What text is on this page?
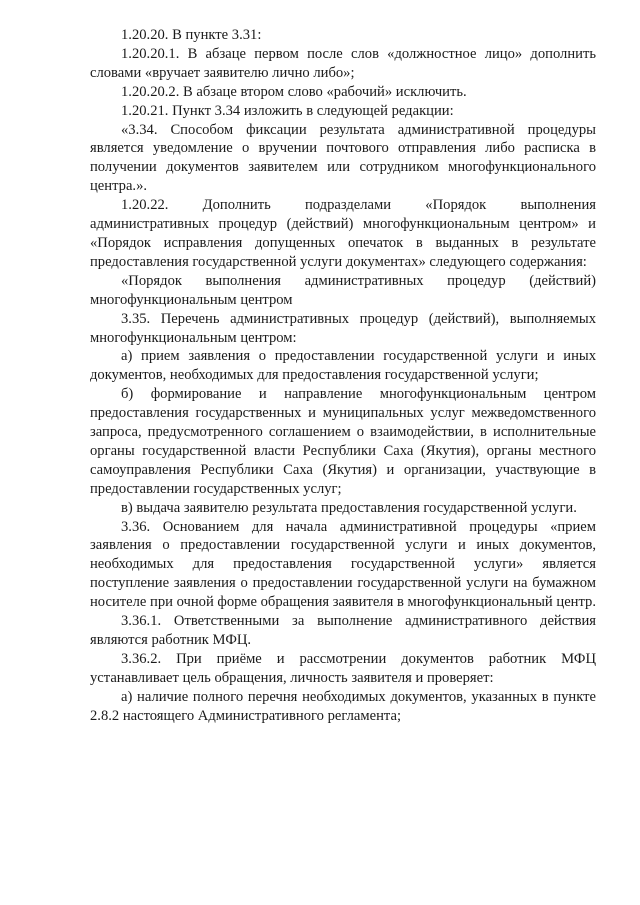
1.20.20. В пункте 3.31:

1.20.20.1. В абзаце первом после слов «должностное лицо» дополнить словами «вручает заявителю лично либо»;

1.20.20.2. В абзаце втором слово «рабочий» исключить.

1.20.21. Пункт 3.34 изложить в следующей редакции:

«3.34. Способом фиксации результата административной процедуры является уведомление о вручении почтового отправления либо расписка в получении документов заявителем или сотрудником многофункционального центра.».

1.20.22. Дополнить подразделами «Порядок выполнения административных процедур (действий) многофункциональным центром» и «Порядок исправления допущенных опечаток в выданных в результате предоставления государственной услуги документах» следующего содержания:

«Порядок выполнения административных процедур (действий) многофункциональным центром

3.35. Перечень административных процедур (действий), выполняемых многофункциональным центром:

а) прием заявления о предоставлении государственной услуги и иных документов, необходимых для предоставления государственной услуги;

б) формирование и направление многофункциональным центром предоставления государственных и муниципальных услуг межведомственного запроса, предусмотренного соглашением о взаимодействии, в исполнительные органы государственной власти Республики Саха (Якутия), органы местного самоуправления Республики Саха (Якутия) и организации, участвующие в предоставлении государственных услуг;

в) выдача заявителю результата предоставления государственной услуги.

3.36. Основанием для начала административной процедуры «прием заявления о предоставлении государственной услуги и иных документов, необходимых для предоставления государственной услуги» является поступление заявления о предоставлении государственной услуги на бумажном носителе при очной форме обращения заявителя в многофункциональный центр.

3.36.1. Ответственными за выполнение административного действия являются работник МФЦ.

3.36.2. При приёме и рассмотрении документов работник МФЦ устанавливает цель обращения, личность заявителя и проверяет:

а) наличие полного перечня необходимых документов, указанных в пункте 2.8.2 настоящего Административного регламента;
